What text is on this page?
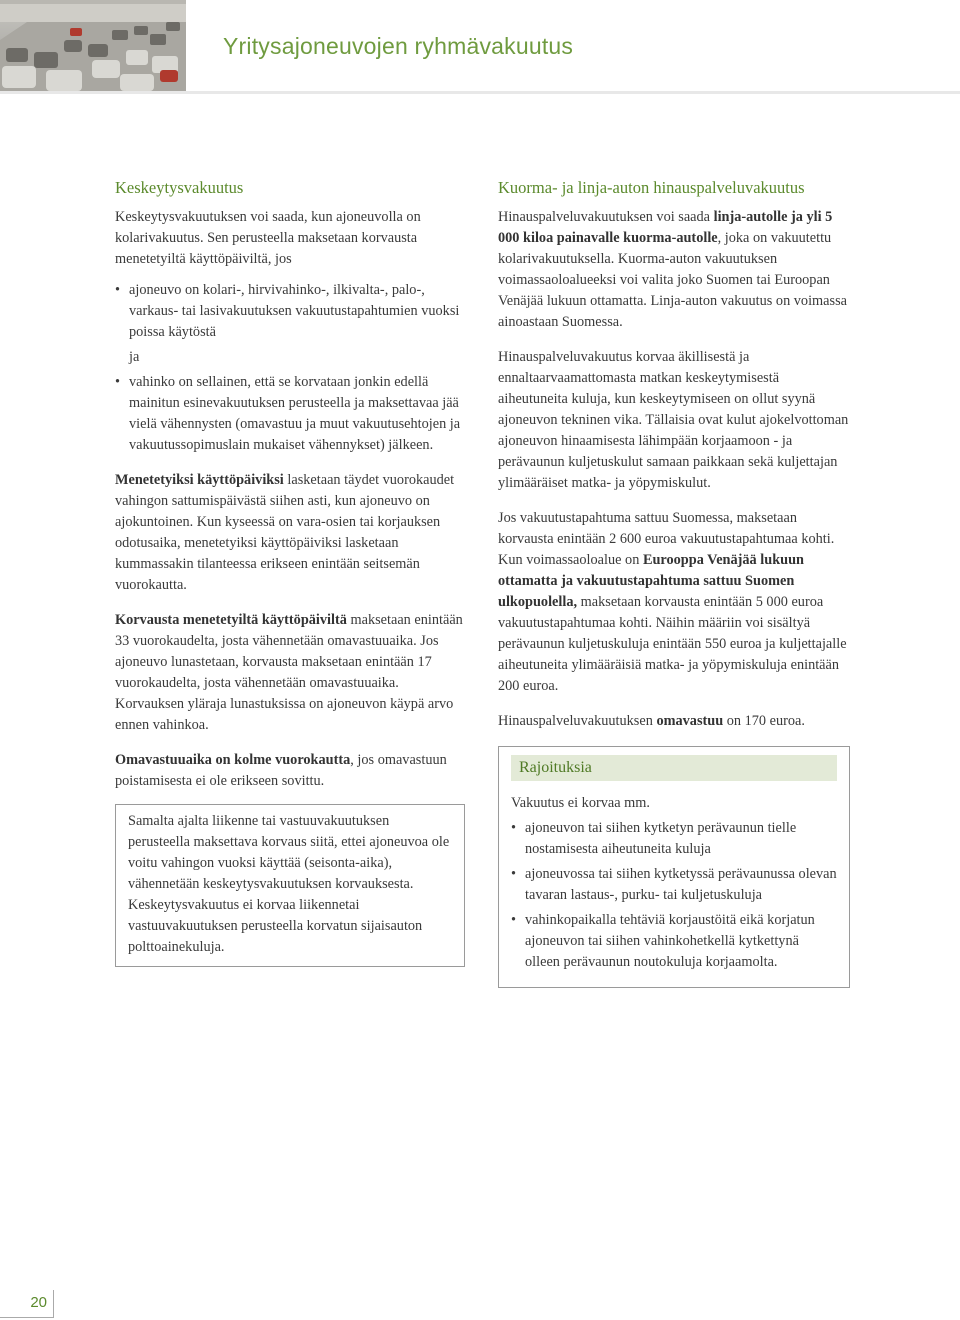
Yritysajoneuvojen ryhmävakuutus
Keskeytysvakuutus

Keskeytysvakuutuksen voi saada, kun ajoneuvolla on kolarivakuutus. Sen perusteella maksetaan korvausta menetetyiltä käyttöpäiviltä, jos

• ajoneuvo on kolari-, hirvivahinko-, ilkivalta-, palo-, varkaus- tai lasivakuutuksen vakuutustapahtumien vuoksi poissa käytöstä
ja
• vahinko on sellainen, että se korvataan jonkin edellä mainitun esinevakuutuksen perusteella ja maksettavaa jää vielä vähennysten (omavastuu ja muut vakuutusehtojen ja vakuutussopimuslain mukaiset vähennykset) jälkeen.

Menetetyiksi käyttöpäiviksi lasketaan täydet vuorokaudet vahingon sattumispäivästä siihen asti, kun ajoneuvo on ajokuntoinen. Kun kyseessä on vara-osien tai korjauksen odotusaika, menetetyiksi käyttöpäiviksi lasketaan kummassakin tilanteessa erikseen enintään seitsemän vuorokautta.

Korvausta menetetyiltä käyttöpäiviltä maksetaan enintään 33 vuorokaudelta, josta vähennetään omavastuuaika. Jos ajoneuvo lunastetaan, korvausta maksetaan enintään 17 vuorokaudelta, josta vähennetään omavastuuaika. Korvauksen yläraja lunastuksissa on ajoneuvon käypä arvo ennen vahinkoa.

Omavastuuaika on kolme vuorokautta, jos omavastuun poistamisesta ei ole erikseen sovittu.

Samalta ajalta liikenne tai vastuuvakuutuksen perusteella maksettava korvaus siitä, ettei ajoneuvoa ole voitu vahingon vuoksi käyttää (seisonta-aika), vähennetään keskeytysvakuutuksen korvauksesta. Keskeytysvakuutus ei korvaa liikennetai vastuuvakuutuksen perusteella korvatun sijaisauton polttoainekuluja.
Kuorma- ja linja-auton hinauspalveluvakuutus

Hinauspalveluvakuutuksen voi saada linja-autolle ja yli 5 000 kiloa painavalle kuorma-autolle, joka on vakuutettu kolarivakuutuksella. Kuorma-auton vakuutuksen voimassaoloalueeksi voi valita joko Suomen tai Euroopan Venäjää lukuun ottamatta. Linja-auton vakuutus on voimassa ainoastaan Suomessa.

Hinauspalveluvakuutus korvaa äkillisestä ja ennaltaarvaamattomasta matkan keskeytymisestä aiheutuneita kuluja, kun keskeytymiseen on ollut syynä ajoneuvon tekninen vika. Tällaisia ovat kulut ajokelvottoman ajoneuvon hinaamisesta lähimpään korjaamoon - ja perävaunun kuljetuskulut samaan paikkaan sekä kuljettajan ylimääräiset matka- ja yöpymiskulut.

Jos vakuutustapahtuma sattuu Suomessa, maksetaan korvausta enintään 2 600 euroa vakuutustapahtumaa kohti. Kun voimassaoloalue on Eurooppa Venäjää lukuun ottamatta ja vakuutustapahtuma sattuu Suomen ulkopuolella, maksetaan korvausta enintään 5 000 euroa vakuutustapahtumaa kohti. Näihin määriin voi sisältyä perävaunun kuljetuskuluja enintään 550 euroa ja kuljettajalle aiheutuneita ylimääräisiä matka- ja yöpymiskuluja enintään 200 euroa.

Hinauspalveluvakuutuksen omavastuu on 170 euroa.

Rajoituksia
Vakuutus ei korvaa mm.
• ajoneuvon tai siihen kytketyn perävaunun tielle nostamisesta aiheutuneita kuluja
• ajoneuvossa tai siihen kytketyssä perävaunussa olevan tavaran lastaus-, purku- tai kuljetuskuluja
• vahinkopaikalla tehtäviä korjaustöitä eikä korjatun ajoneuvon tai siihen vahinkohetkellä kytkettynä olleen perävaunun noutokuluja korjaamolta.
20
